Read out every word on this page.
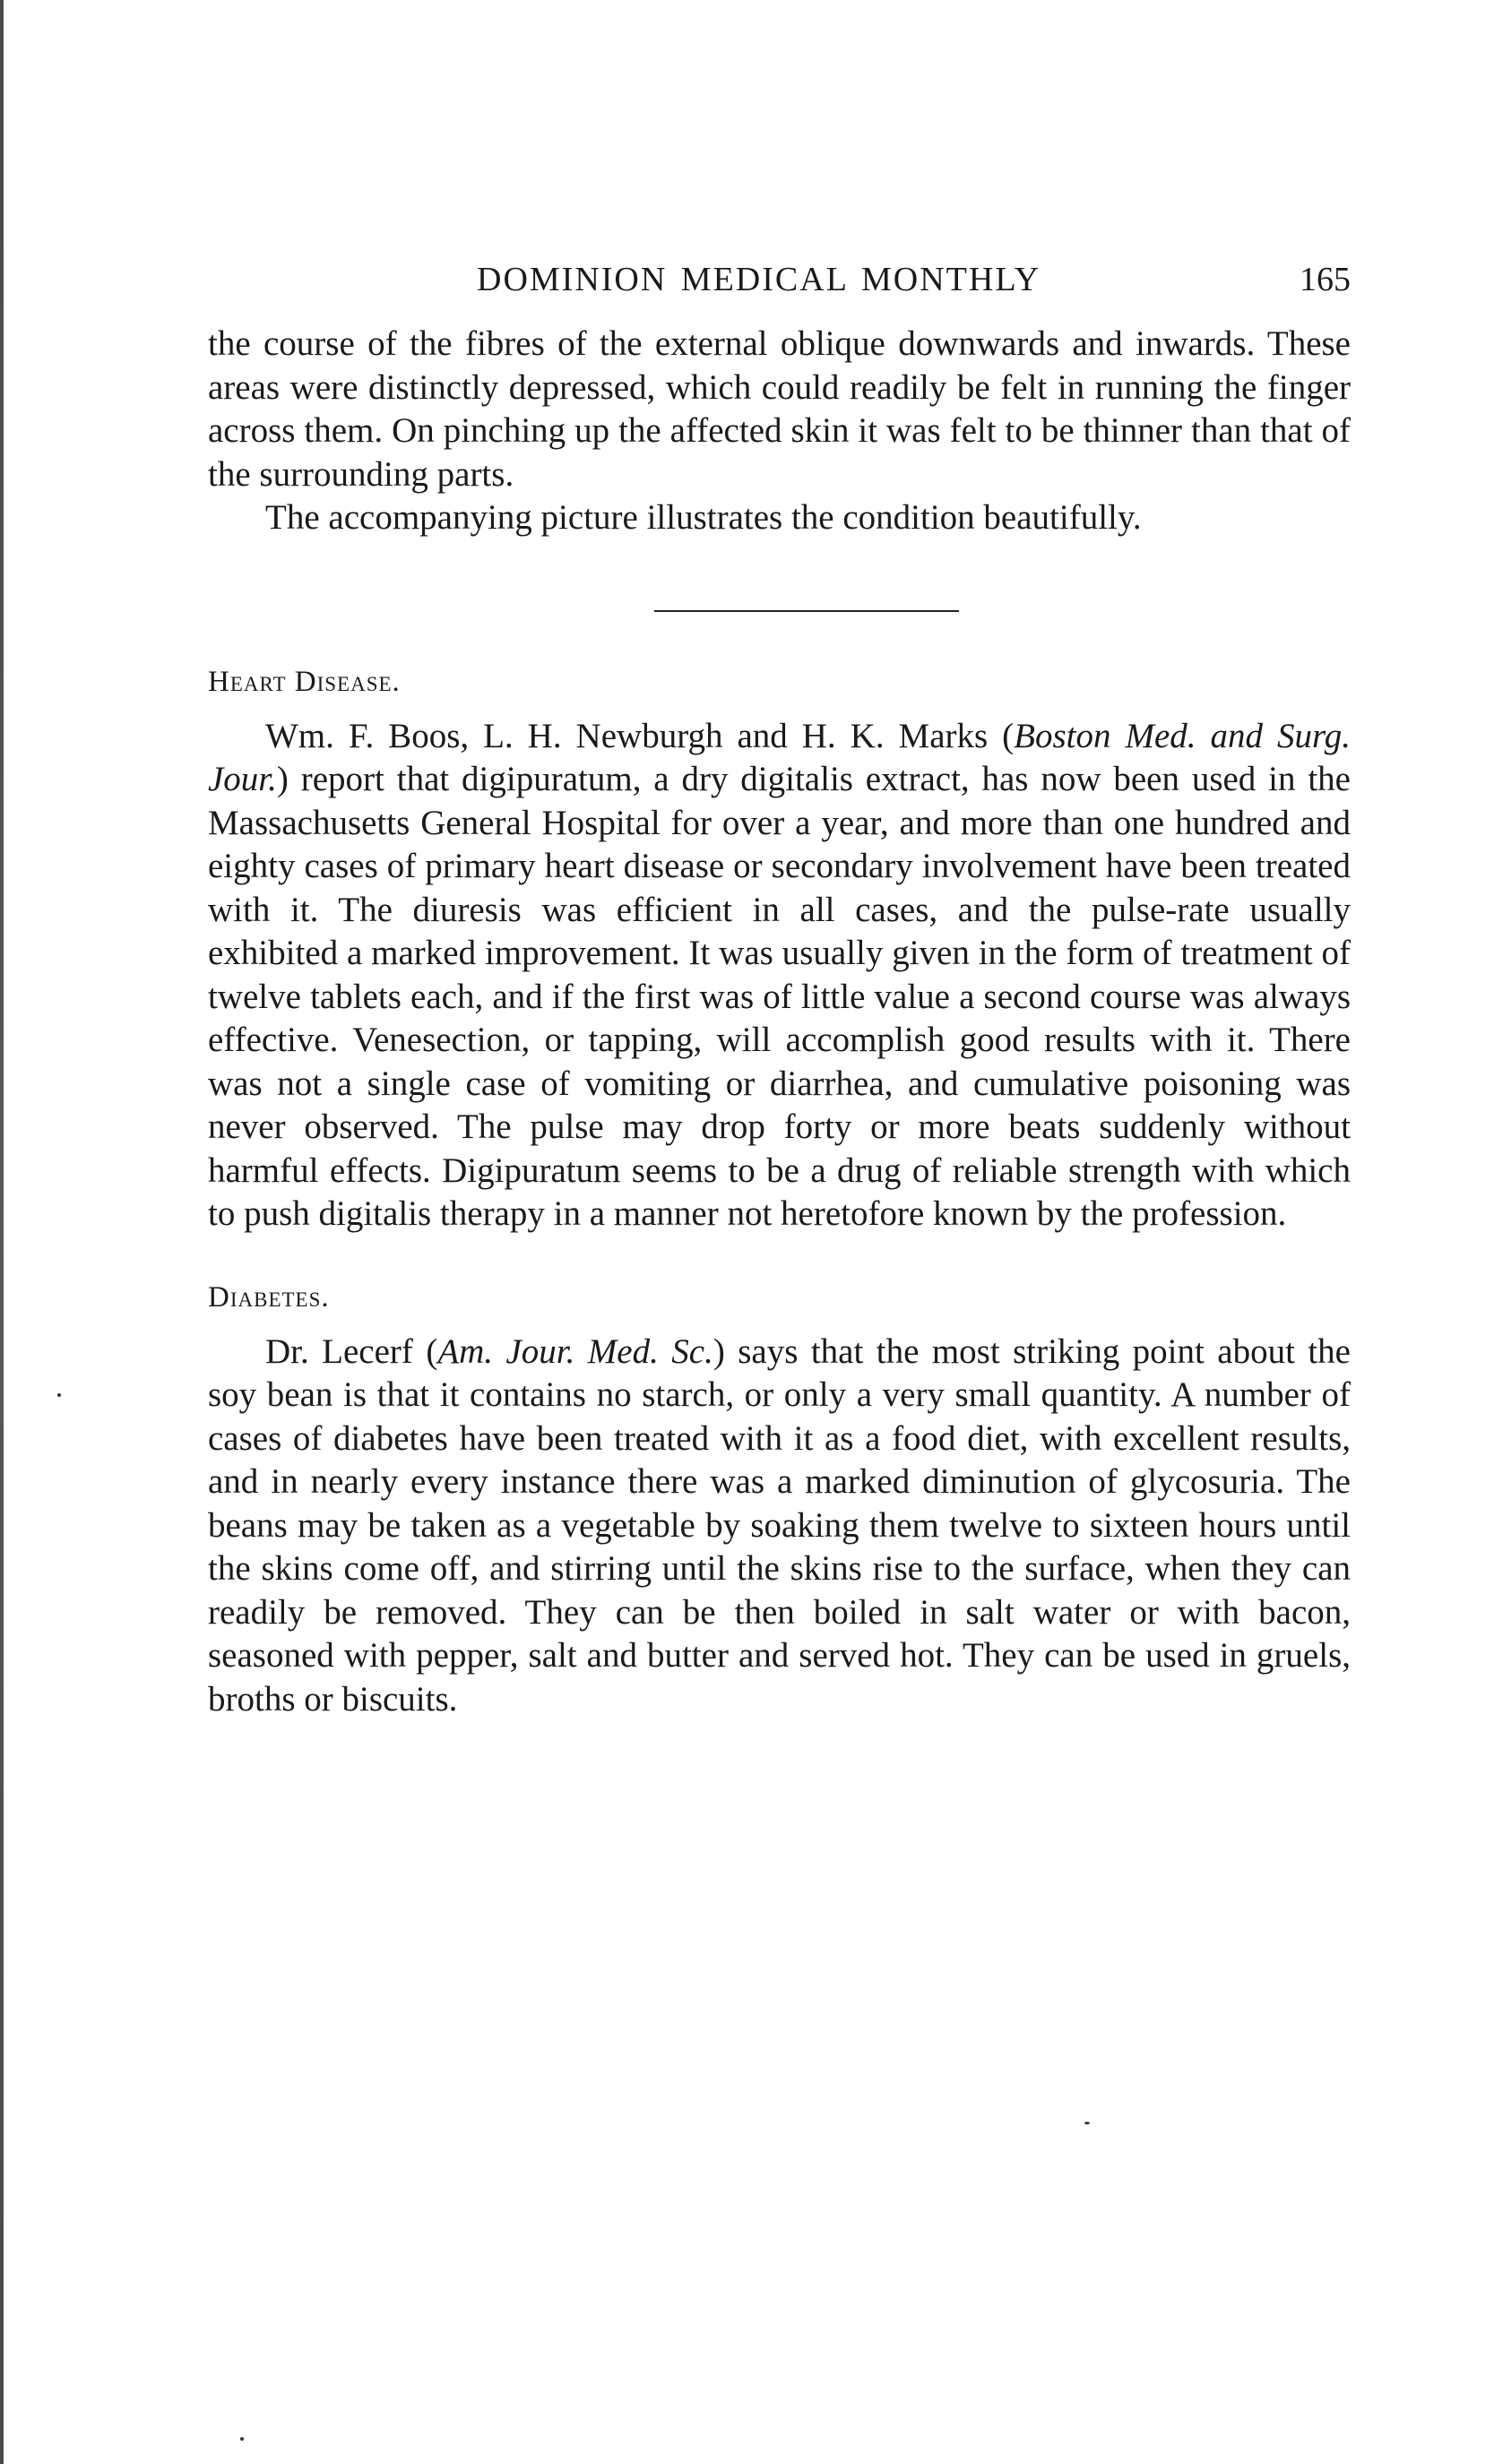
DOMINION MEDICAL MONTHLY	165

the course of the fibres of the external oblique downwards and inwards. These areas were distinctly depressed, which could readily be felt in running the finger across them. On pinching up the affected skin it was felt to be thinner than that of the surrounding parts.

The accompanying picture illustrates the condition beautifully.

Heart Disease.

Wm. F. Boos, L. H. Newburgh and H. K. Marks (Boston Med. and Surg. Jour.) report that digipuratum, a dry digitalis extract, has now been used in the Massachusetts General Hospital for over a year, and more than one hundred and eighty cases of primary heart disease or secondary involvement have been treated with it. The diuresis was efficient in all cases, and the pulse-rate usually exhibited a marked improvement. It was usually given in the form of treatment of twelve tablets each, and if the first was of little value a second course was always effective. Venesection, or tapping, will accomplish good results with it. There was not a single case of vomiting or diarrhea, and cumulative poisoning was never observed. The pulse may drop forty or more beats suddenly without harmful effects. Digipuratum seems to be a drug of reliable strength with which to push digitalis therapy in a manner not heretofore known by the profession.

Diabetes.

Dr. Lecerf (Am. Jour. Med. Sc.) says that the most striking point about the soy bean is that it contains no starch, or only a very small quantity. A number of cases of diabetes have been treated with it as a food diet, with excellent results, and in nearly every instance there was a marked diminution of glycosuria. The beans may be taken as a vegetable by soaking them twelve to sixteen hours until the skins come off, and stirring until the skins rise to the surface, when they can readily be removed. They can be then boiled in salt water or with bacon, seasoned with pepper, salt and butter and served hot. They can be used in gruels, broths or biscuits.
